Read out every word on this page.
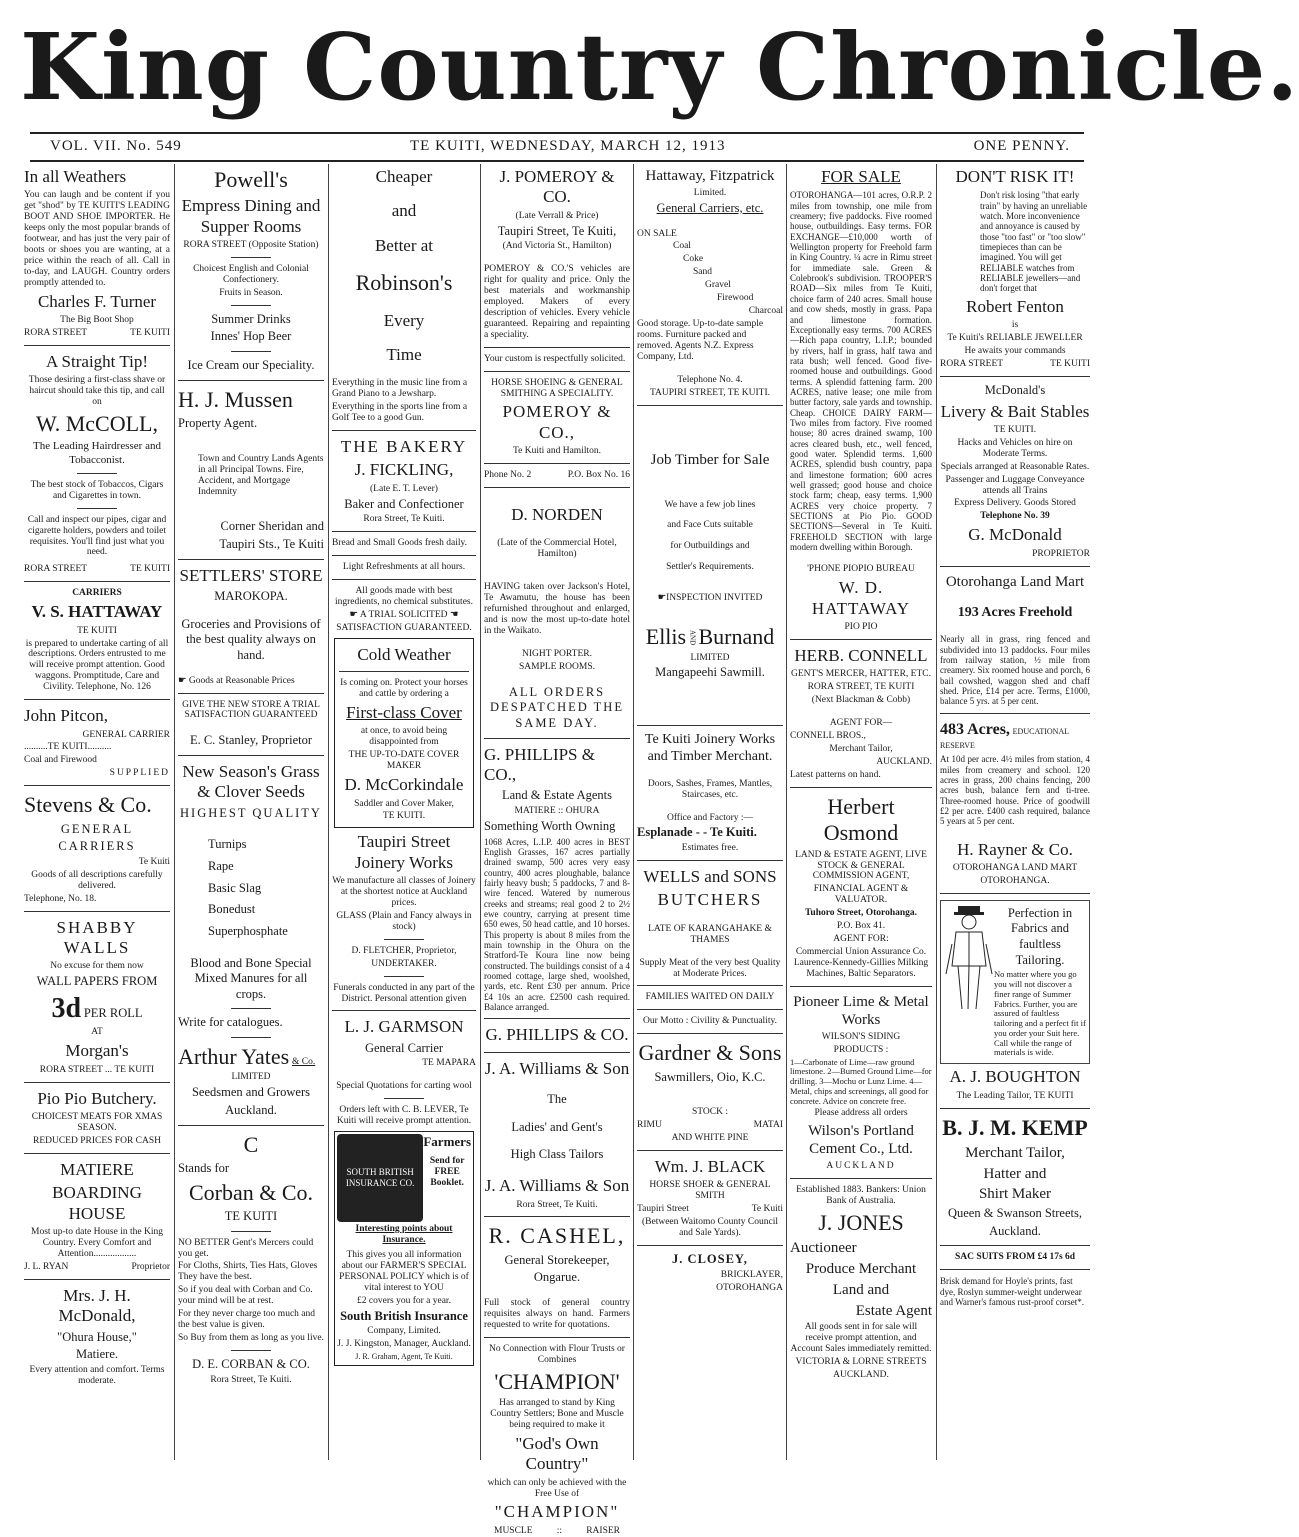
King Country Chronicle.
VOL. VII. No. 549	TE KUITI, WEDNESDAY, MARCH 12, 1913	ONE PENNY.
In all Weathers

You can laugh and be content if you get "shod" by TE KUITI'S LEADING BOOT AND SHOE IMPORTER. He keeps only the most popular brands of footwear, and has just the very pair of boots or shoes you are wanting, at a price within the reach of all. Call in to-day, and LAUGH. Country orders promptly attended to.

Charles F. Turner

The Big Boot Shop

RORA STREET	TE KUITI
A Straight Tip!

Those desiring a first-class shave or haircut should take this tip, and call on

W. McCOLL,

The Leading Hairdresser and Tobacconist.

The best stock of Tobaccos, Cigars and Cigarettes in town.

Call and inspect our pipes, cigar and cigarette holders, powders and toilet requisites. You'll find just what you need.

RORA STREET	TE KUITI

CARRIERS

V. S. HATTAWAY

TE KUITI

is prepared to undertake carting of all descriptions. Orders entrusted to me will receive prompt attention. Good waggons. Promptitude, Care and Civility. Telephone, No. 126

John Pitcon,

GENERAL CARRIER

..........TE KUITI..........

Coal and Firewood

SUPPLIED

Stevens & Co.

GENERAL

CARRIERS

Te Kuiti

Goods of all descriptions carefully delivered.

Telephone, No. 18.

SHABBY WALLS

No excuse for them now

WALL PAPERS FROM

3d PER ROLL

AT

Morgan's

RORA STREET ... TE KUITI

Pio Pio Butchery.

CHOICEST MEATS FOR XMAS SEASON.

REDUCED PRICES FOR CASH

MATIERE
BOARDING HOUSE

Most up-to date House in the King Country. Every Comfort and Attention..................

J. L. RYAN	Proprietor
Mrs. J. H. McDonald,

"Ohura House,"

Matiere.

Every attention and comfort. Terms moderate.

Powell's
Empress Dining and Supper Rooms

RORA STREET (Opposite Station)

Choicest English and Colonial Confectionery.

Fruits in Season.

Summer Drinks

Innes' Hop Beer

Ice Cream our Speciality.

H. J. Mussen

Property Agent.

Town and Country Lands Agents in all Principal Towns. Fire, Accident, and Mortgage Indemnity

Corner Sheridan and

Taupiri Sts., Te Kuiti

SETTLERS' STORE

MAROKOPA.

Groceries and Provisions of the best quality always on hand.

☛ Goods at Reasonable Prices

GIVE THE NEW STORE A TRIAL SATISFACTION GUARANTEED

E. C. Stanley, Proprietor

New Season's Grass & Clover Seeds

HIGHEST QUALITY

Turnips

Rape

Basic Slag

Bonedust

Superphosphate

Blood and Bone Special Mixed Manures for all crops.

Write for catalogues.

Arthur Yates & Co.

LIMITED

Seedsmen and Growers

Auckland.

C

Stands for

Corban & Co.

TE KUITI

NO BETTER Gent's Mercers could you get.

For Cloths, Shirts, Ties Hats, Gloves They have the best.

So if you deal with Corban and Co. your mind will be at rest.

For they never charge too much and the best value is given.

So Buy from them as long as you live.

D. E. CORBAN & CO.

Rora Street, Te Kuiti.

Cheaper
and
Better at
Robinson's
Every
Time

Everything in the music line from a Grand Piano to a Jewsharp.

Everything in the sports line from a Golf Tee to a good Gun.

THE BAKERY
J. FICKLING,

(Late E. T. Lever)

Baker and Confectioner

Rora Street, Te Kuiti.

Bread and Small Goods fresh daily.

Light Refreshments at all hours.

All goods made with best ingredients, no chemical substitutes.

☛ A TRIAL SOLICITED ☚

SATISFACTION GUARANTEED.

Cold Weather

Is coming on. Protect your horses and cattle by ordering a

First-class Cover

at once, to avoid being disappointed from

THE UP-TO-DATE COVER MAKER

D. McCorkindale

Saddler and Cover Maker,

TE KUITI.

Taupiri Street Joinery Works

We manufacture all classes of Joinery at the shortest notice at Auckland prices.

GLASS (Plain and Fancy always in stock)

D. FLETCHER, Proprietor,

UNDERTAKER.

Funerals conducted in any part of the District. Personal attention given

L. J. GARMSON

General Carrier

TE MAPARA

Special Quotations for carting wool

Orders left with C. B. LEVER, Te Kuiti will receive prompt attention.

SOUTH BRITISH INSURANCE CO.
Farmers
Send for
FREE
Booklet.
Interesting points about Insurance.

This gives you all information about our FARMER'S SPECIAL PERSONAL POLICY which is of vital interest to YOU

£2 covers you for a year.

South British Insurance

Company, Limited.

J. J. Kingston, Manager, Auckland.

J. R. Graham, Agent, Te Kuiti.

J. POMEROY & CO.

(Late Verrall & Price)

Taupiri Street, Te Kuiti,

(And Victoria St., Hamilton)

POMEROY & CO.'S vehicles are right for quality and price. Only the best materials and workmanship employed. Makers of every description of vehicles. Every vehicle guaranteed. Repairing and repainting a speciality.

Your custom is respectfully solicited.

HORSE SHOEING & GENERAL SMITHING A SPECIALITY.

POMEROY & CO.,

Te Kuiti and Hamilton.

Phone No. 2	P.O. Box No. 16
D. NORDEN

(Late of the Commercial Hotel, Hamilton)

HAVING taken over Jackson's Hotel, Te Awamutu, the house has been refurnished throughout and enlarged, and is now the most up-to-date hotel in the Waikato.

NIGHT PORTER.

SAMPLE ROOMS.

ALL ORDERS DESPATCHED THE SAME DAY.

G. PHILLIPS & CO.,

Land & Estate Agents

MATIERE :: OHURA

Something Worth Owning

1068 Acres, L.I.P. 400 acres in BEST English Grasses, 167 acres partially drained swamp, 500 acres very easy country, 400 acres ploughable, balance fairly heavy bush; 5 paddocks, 7 and 8-wire fenced. Watered by numerous creeks and streams; real good 2 to 2½ ewe country, carrying at present time 650 ewes, 50 head cattle, and 10 horses. This property is about 8 miles from the main township in the Ohura on the Stratford-Te Koura line now being constructed. The buildings consist of a 4 roomed cottage, large shed, woolshed, yards, etc. Rent £30 per annum. Price £4 10s an acre. £2500 cash required. Balance arranged.

G. PHILLIPS & CO.
J. A. Williams & Son

The

Ladies' and Gent's

High Class Tailors

J. A. Williams & Son

Rora Street, Te Kuiti.

R. CASHEL,

General Storekeeper,

Ongarue.

Full stock of general country requisites always on hand. Farmers requested to write for quotations.

No Connection with Flour Trusts or Combines

'CHAMPION'

Has arranged to stand by King Country Settlers; Bone and Muscle being required to make it

"God's Own Country"

which can only be achieved with the Free Use of

"CHAMPION"
MUSCLE	::	RAISER
Hattaway, Fitzpatrick

Limited.

General Carriers, etc.

ON SALE

Coal

Coke

Sand

Gravel

Firewood

Charcoal

Good storage. Up-to-date sample rooms. Furniture packed and removed. Agents N.Z. Express Company, Ltd.

Telephone No. 4.

TAUPIRI STREET, TE KUITI.

Job Timber for Sale

We have a few job lines

and Face Cuts suitable

for Outbuildings and

Settler's Requirements.

☛INSPECTION INVITED

Ellis AND Burnand

LIMITED

Mangapeehi Sawmill.

Te Kuiti Joinery Works and Timber Merchant.

Doors, Sashes, Frames, Mantles, Staircases, etc.

Office and Factory :—

Esplanade - - Te Kuiti.

Estimates free.

WELLS and SONS
BUTCHERS

LATE OF KARANGAHAKE & THAMES

Supply Meat of the very best Quality at Moderate Prices.

FAMILIES WAITED ON DAILY

Our Motto : Civility & Punctuality.

Gardner & Sons

Sawmillers, Oio, K.C.

STOCK :

RIMU	MATAI

AND WHITE PINE

Wm. J. BLACK

HORSE SHOER & GENERAL SMITH

Taupiri Street	Te Kuiti

(Between Waitomo County Council and Sale Yards).

J. CLOSEY,

BRICKLAYER,

OTOROHANGA

FOR SALE

OTOROHANGA—101 acres, O.R.P. 2 miles from township, one mile from creamery; five paddocks. Five roomed house, outbuildings. Easy terms. FOR EXCHANGE—£10,000 worth of Wellington property for Freehold farm in King Country. ¼ acre in Rimu street for immediate sale. Green & Colebrook's subdivision. TROOPER'S ROAD—Six miles from Te Kuiti, choice farm of 240 acres. Small house and cow sheds, mostly in grass. Papa and limestone formation. Exceptionally easy terms. 700 ACRES—Rich papa country, L.I.P.; bounded by rivers, half in grass, half tawa and rata bush; well fenced. Good five-roomed house and outbuildings. Good terms. A splendid fattening farm. 200 ACRES, native lease; one mile from butter factory, sale yards and township. Cheap. CHOICE DAIRY FARM—Two miles from factory. Five roomed house; 80 acres drained swamp, 100 acres cleared bush, etc., well fenced, good water. Splendid terms. 1,600 ACRES, splendid bush country, papa and limestone formation; 600 acres well grassed; good house and choice stock farm; cheap, easy terms. 1,900 ACRES very choice property. 7 SECTIONS at Pio Pio. GOOD SECTIONS—Several in Te Kuiti. FREEHOLD SECTION with large modern dwelling within Borough.

'PHONE PIOPIO BUREAU

W. D. HATTAWAY

PIO PIO

HERB. CONNELL

GENT'S MERCER, HATTER, ETC.

RORA STREET, TE KUITI

(Next Blackman & Cobb)

AGENT FOR—

CONNELL BROS.,

Merchant Tailor,

AUCKLAND.

Latest patterns on hand.

Herbert Osmond

LAND & ESTATE AGENT, LIVE STOCK & GENERAL COMMISSION AGENT,

FINANCIAL AGENT & VALUATOR.

Tuhoro Street, Otorohanga.

P.O. Box 41.

AGENT FOR:

Commercial Union Assurance Co. Laurence-Kennedy-Gillies Milking Machines, Baltic Separators.

Pioneer Lime & Metal Works

WILSON'S SIDING

PRODUCTS :

1—Carbonate of Lime—raw ground limestone. 2—Burned Ground Lime—for drilling. 3—Mochu or Lunz Lime. 4—Metal, chips and screenings, all good for concrete. Advice on concrete free.

Please address all orders

Wilson's Portland Cement Co., Ltd.

AUCKLAND

Established 1883. Bankers: Union Bank of Australia.

J. JONES

Auctioneer

Produce Merchant

Land and

Estate Agent

All goods sent in for sale will receive prompt attention, and Account Sales immediately remitted.

VICTORIA & LORNE STREETS

AUCKLAND.

DON'T RISK IT!

Don't risk losing "that early train" by having an unreliable watch. More inconvenience and annoyance is caused by those "too fast" or "too slow" timepieces than can be imagined. You will get RELIABLE watches from RELIABLE jewellers—and don't forget that

Robert Fenton

is

Te Kuiti's RELIABLE JEWELLER

He awaits your commands

RORA STREET	TE KUITI

McDonald's

Livery & Bait Stables

TE KUITI.

Hacks and Vehicles on hire on Moderate Terms.

Specials arranged at Reasonable Rates.

Passenger and Luggage Conveyance attends all Trains

Express Delivery. Goods Stored

Telephone No. 39

G. McDonald

PROPRIETOR

Otorohanga Land Mart
193 Acres Freehold

Nearly all in grass, ring fenced and subdivided into 13 paddocks. Four miles from railway station, ½ mile from creamery. Six roomed house and porch, 6 bail cowshed, waggon shed and chaff shed. Price, £14 per acre. Terms, £1000, balance 5 yrs. at 5 per cent.

483 Acres, EDUCATIONAL RESERVE

At 10d per acre. 4½ miles from station, 4 miles from creamery and school. 120 acres in grass, 200 chains fencing, 200 acres bush, balance fern and ti-tree. Three-roomed house. Price of goodwill £2 per acre. £400 cash required, balance 5 years at 5 per cent.

H. Rayner & Co.

OTOROHANGA LAND MART

OTOROHANGA.

Perfection in Fabrics and faultless Tailoring.

No matter where you go you will not discover a finer range of Summer Fabrics. Further, you are assured of faultless tailoring and a perfect fit if you order your Suit here. Call while the range of materials is wide.

A. J. BOUGHTON

The Leading Tailor, TE KUITI

B. J. M. KEMP

Merchant Tailor,

Hatter and

Shirt Maker

Queen & Swanson Streets,

Auckland.

SAC SUITS FROM £4 17s 6d

Brisk demand for Hoyle's prints, fast dye, Roslyn summer-weight underwear and Warner's famous rust-proof corset*.
